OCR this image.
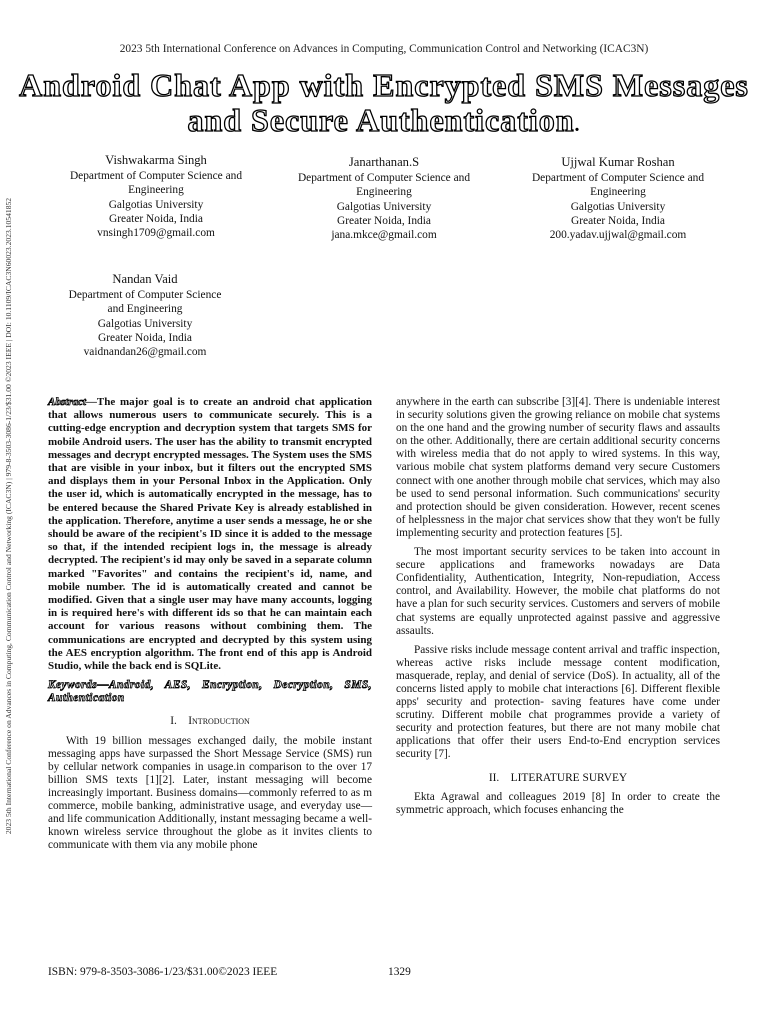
2023 5th International Conference on Advances in Computing, Communication Control and Networking (ICAC3N)
2023 5th International Conference on Advances in Computing, Communication Control and Networking (ICAC3N) | 979-8-3503-3086-1/23/$31.00 ©2023 IEEE | DOI: 10.1109/ICAC3N60023.2023.10541852
Android Chat App with Encrypted SMS Messages
and Secure Authentication.
Vishwakarma Singh
Department of Computer Science and
Engineering
Galgotias University
Greater Noida, India
vnsingh1709@gmail.com
Janarthanan.S
Department of Computer Science and
Engineering
Galgotias University
Greater Noida, India
jana.mkce@gmail.com
Ujjwal Kumar Roshan
Department of Computer Science and
Engineering
Galgotias University
Greater Noida, India
200.yadav.ujjwal@gmail.com
Nandan Vaid
Department of Computer Science
and Engineering
Galgotias University
Greater Noida, India
vaidnandan26@gmail.com

Abstract—The major goal is to create an android chat application that allows numerous users to communicate securely. This is a cutting-edge encryption and decryption system that targets SMS for mobile Android users. The user has the ability to transmit encrypted messages and decrypt encrypted messages. The System uses the SMS that are visible in your inbox, but it filters out the encrypted SMS and displays them in your Personal Inbox in the Application. Only the user id, which is automatically encrypted in the message, has to be entered because the Shared Private Key is already established in the application. Therefore, anytime a user sends a message, he or she should be aware of the recipient's ID since it is added to the message so that, if the intended recipient logs in, the message is already decrypted. The recipient's id may only be saved in a separate column marked "Favorites" and contains the recipient's id, name, and mobile number. The id is automatically created and cannot be modified. Given that a single user may have many accounts, logging in is required here's with different ids so that he can maintain each account for various reasons without combining them. The communications are encrypted and decrypted by this system using the AES encryption algorithm. The front end of this app is Android Studio, while the back end is SQLite.

Keywords—Android, AES, Encryption, Decryption, SMS, Authentication

I. Introduction

With 19 billion messages exchanged daily, the mobile instant messaging apps have surpassed the Short Message Service (SMS) run by cellular network companies in usage.in comparison to the over 17 billion SMS texts [1][2]. Later, instant messaging will become increasingly important. Business domains—commonly referred to as m commerce, mobile banking, administrative usage, and everyday use—and life communication Additionally, instant messaging became a well-known wireless service throughout the globe as it invites clients to communicate with them via any mobile phone

anywhere in the earth can subscribe [3][4]. There is undeniable interest in security solutions given the growing reliance on mobile chat systems on the one hand and the growing number of security flaws and assaults on the other. Additionally, there are certain additional security concerns with wireless media that do not apply to wired systems. In this way, various mobile chat system platforms demand very secure Customers connect with one another through mobile chat services, which may also be used to send personal information. Such communications' security and protection should be given consideration. However, recent scenes of helplessness in the major chat services show that they won't be fully implementing security and protection features [5].

The most important security services to be taken into account in secure applications and frameworks nowadays are Data Confidentiality, Authentication, Integrity, Non-repudiation, Access control, and Availability. However, the mobile chat platforms do not have a plan for such security services. Customers and servers of mobile chat systems are equally unprotected against passive and aggressive assaults.

Passive risks include message content arrival and traffic inspection, whereas active risks include message content modification, masquerade, replay, and denial of service (DoS). In actuality, all of the concerns listed apply to mobile chat interactions [6]. Different flexible apps' security and protection- saving features have come under scrutiny. Different mobile chat programmes provide a variety of security and protection features, but there are not many mobile chat applications that offer their users End-to-End encryption services security [7].

II. LITERATURE SURVEY

Ekta Agrawal and colleagues 2019 [8] In order to create the symmetric approach, which focuses enhancing the

ISBN: 979-8-3503-3086-1/23/$31.00©2023 IEEE	1329
